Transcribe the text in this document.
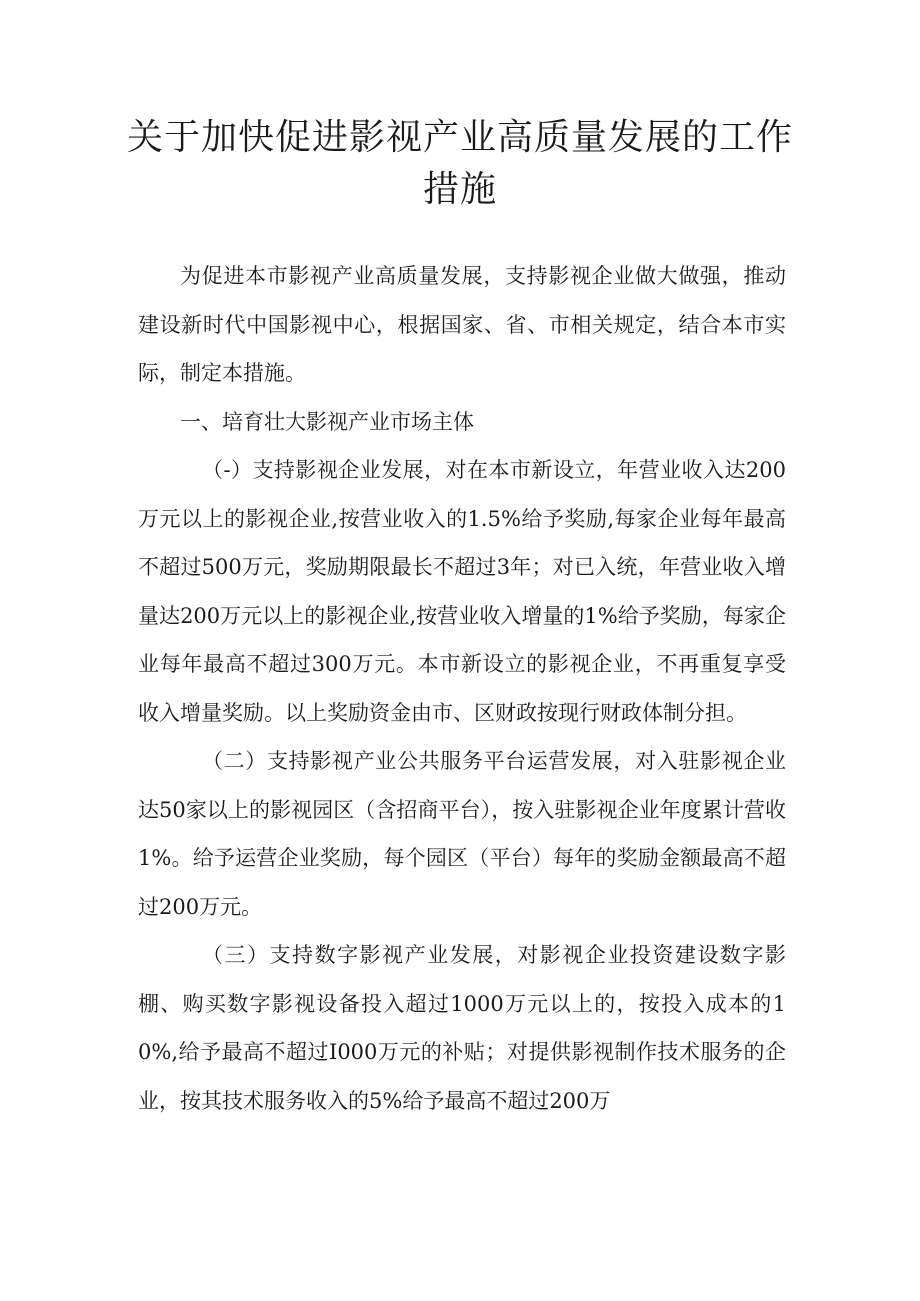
关于加快促进影视产业高质量发展的工作
措施

为促进本市影视产业高质量发展，支持影视企业做大做强，推动建设新时代中国影视中心，根据国家、省、市相关规定，结合本市实际，制定本措施。

一、培育壮大影视产业市场主体

（-）支持影视企业发展，对在本市新设立，年营业收入达200万元以上的影视企业,按营业收入的1.5%给予奖励,每家企业每年最高不超过500万元，奖励期限最长不超过3年；对已入统，年营业收入增量达200万元以上的影视企业,按营业收入增量的1%给予奖励，每家企业每年最高不超过300万元。本市新设立的影视企业，不再重复享受收入增量奖励。以上奖励资金由市、区财政按现行财政体制分担。

（二）支持影视产业公共服务平台运营发展，对入驻影视企业达50家以上的影视园区（含招商平台），按入驻影视企业年度累计营收1%。给予运营企业奖励，每个园区（平台）每年的奖励金额最高不超过200万元。

（三）支持数字影视产业发展，对影视企业投资建设数字影棚、购买数字影视设备投入超过1000万元以上的，按投入成本的10%,给予最高不超过I000万元的补贴；对提供影视制作技术服务的企业，按其技术服务收入的5%给予最高不超过200万
